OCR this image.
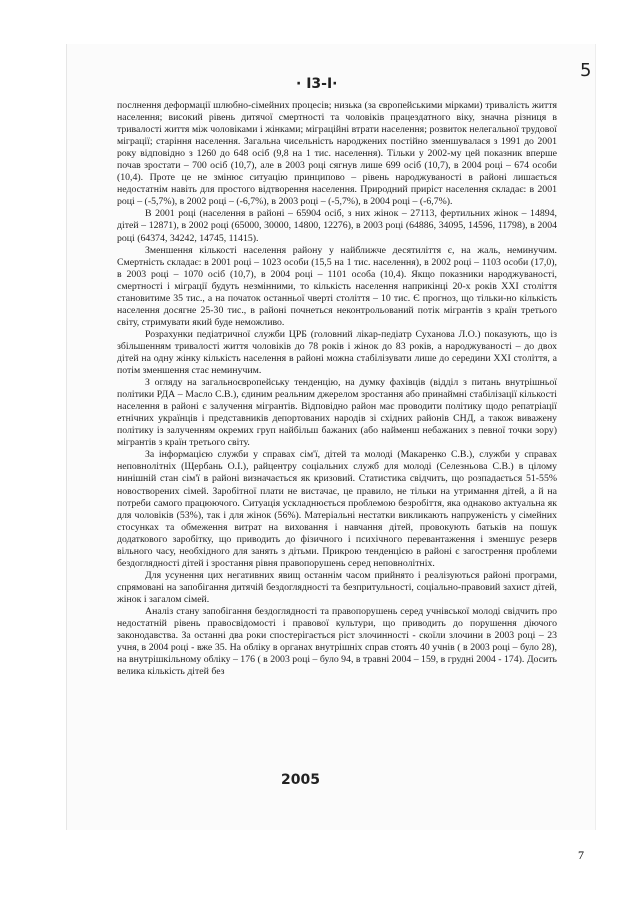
5
· Ι3-Ι·

послнення деформації шлюбно-сімейних процесів; низька (за європейськими мірками) тривалість життя населення; високий рівень дитячої смертності та чоловіків працездатного віку, значна різниця в тривалості життя між чоловіками і жінками; міграційні втрати населення; розвиток нелегальної трудової міграції; старіння населення. Загальна чисельність народжених постійно зменшувалася з 1991 до 2001 року відповідно з 1260 до 648 осіб (9,8 на 1 тис. населення). Тільки у 2002-му цей показник вперше почав зростати – 700 осіб (10,7), але в 2003 році сягнув лише 699 осіб (10,7), в 2004 році – 674 особи (10,4). Проте це не змінює ситуацію принципово – рівень народжуваності в районі лишається недостатнім навіть для простого відтворення населення. Природний приріст населення складає: в 2001 році – (-5,7%), в 2002 році – (-6,7%), в 2003 році – (-5,7%), в 2004 році – (-6,7%).

В 2001 році (населення в районі – 65904 осіб, з них жінок – 27113, фертильних жінок – 14894, дітей – 12871), в 2002 році (65000, 30000, 14800, 12276), в 2003 році (64886, 34095, 14596, 11798), в 2004 році (64374, 34242, 14745, 11415).

Зменшення кількості населення району у найближче десятиліття є, на жаль, неминучим. Смертність складає: в 2001 році – 1023 особи (15,5 на 1 тис. населення), в 2002 році – 1103 особи (17,0), в 2003 році – 1070 осіб (10,7), в 2004 році – 1101 особа (10,4). Якщо показники народжуваності, смертності і міграції будуть незмінними, то кількість населення наприкінці 20-х років XXI століття становитиме 35 тис., а на початок останньої чверті століття – 10 тис. Є прогноз, що тільки-но кількість населення досягне 25-30 тис., в районі почнеться неконтрольований потік мігрантів з країн третього світу, стримувати який буде неможливо.

Розрахунки педіатричної служби ЦРБ (головний лікар-педіатр Суханова Л.О.) показують, що із збільшенням тривалості життя чоловіків до 78 років і жінок до 83 років, а народжуваності – до двох дітей на одну жінку кількість населення в районі можна стабілізувати лише до середини XXI століття, а потім зменшення стає неминучим.

З огляду на загальноєвропейську тенденцію, на думку фахівців (відділ з питань внутрішньої політики РДА – Масло С.В.), єдиним реальним джерелом зростання або принаймні стабілізації кількості населення в районі є залучення мігрантів. Відповідно район має проводити політику щодо репатріації етнічних українців і представників депортованих народів зі східних районів СНД, а також виважену політику із залученням окремих груп найбільш бажаних (або найменш небажаних з певної точки зору) мігрантів з країн третього світу.

За інформацією служби у справах сім'ї, дітей та молоді (Макаренко С.В.), служби у справах неповнолітніх (Щербань О.І.), райцентру соціальних служб для молоді (Селезньова С.В.) в цілому нинішній стан сім'ї в районі визначається як кризовий. Статистика свідчить, що розпадається 51-55% новостворених сімей. Заробітної плати не вистачає, це правило, не тільки на утримання дітей, а й на потреби самого працюючого. Ситуація ускладнюється проблемою безробіття, яка однаково актуальна як для чоловіків (53%), так і для жінок (56%). Матеріальні нестатки викликають напруженість у сімейних стосунках та обмеження витрат на виховання і навчання дітей, провокують батьків на пошук додаткового заробітку, що приводить до фізичного і психічного перевантаження і зменшує резерв вільного часу, необхідного для занять з дітьми. Прикрою тенденцією в районі є загострення проблеми бездоглядності дітей і зростання рівня правопорушень серед неповнолітніх.

Для усунення цих негативних явищ останнім часом прийнято і реалізуються районі програми, спрямовані на запобігання дитячій бездоглядності та безпритульності, соціально-правовий захист дітей, жінок і загалом сімей.

Аналіз стану запобігання бездоглядності та правопорушень серед учнівської молоді свідчить про недостатній рівень правосвідомості і правової культури, що приводить до порушення діючого законодавства. За останні два роки спостерігається ріст злочинності - скоїли злочини в 2003 році – 23 учня, в 2004 році - вже 35. На обліку в органах внутрішніх справ стоять 40 учнів ( в 2003 році – було 28), на внутрішкільному обліку – 176 ( в 2003 році – було 94, в травні 2004 – 159, в грудні 2004 - 174). Досить велика кількість дітей без

2005
7
